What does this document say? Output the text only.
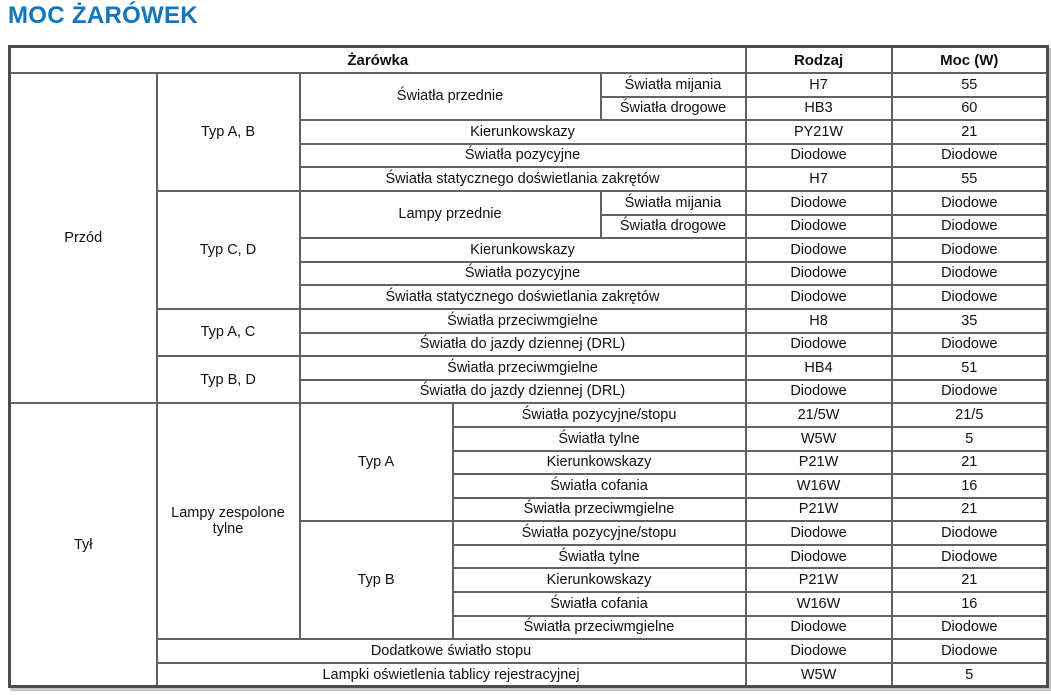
MOC ŻARÓWEK
Żarówka					Rodzaj	Moc (W)
Przód	Typ A, B	Światła przednie		Światła mijania	H7	55
				Światła drogowe	HB3	60
		Kierunkowskazy			PY21W	21
		Światła pozycyjne			Diodowe	Diodowe
		Światła statycznego doświetlania zakrętów			H7	55
	Typ C, D	Lampy przednie		Światła mijania	Diodowe	Diodowe
				Światła drogowe	Diodowe	Diodowe
		Kierunkowskazy			Diodowe	Diodowe
		Światła pozycyjne			Diodowe	Diodowe
		Światła statycznego doświetlania zakrętów			Diodowe	Diodowe
	Typ A, C	Światła przeciwmgielne			H8	35
		Światła do jazdy dziennej (DRL)			Diodowe	Diodowe
	Typ B, D	Światła przeciwmgielne			HB4	51
		Światła do jazdy dziennej (DRL)			Diodowe	Diodowe
Tył	Lampy zespolone tylne	Typ A	Światła pozycyjne/stopu		21/5W	21/5
			Światła tylne		W5W	5
			Kierunkowskazy		P21W	21
			Światła cofania		W16W	16
			Światła przeciwmgielne		P21W	21
		Typ B	Światła pozycyjne/stopu		Diodowe	Diodowe
			Światła tylne		Diodowe	Diodowe
			Kierunkowskazy		P21W	21
			Światła cofania		W16W	16
			Światła przeciwmgielne		Diodowe	Diodowe
	Dodatkowe światło stopu				Diodowe	Diodowe
	Lampki oświetlenia tablicy rejestracyjnej				W5W	5
